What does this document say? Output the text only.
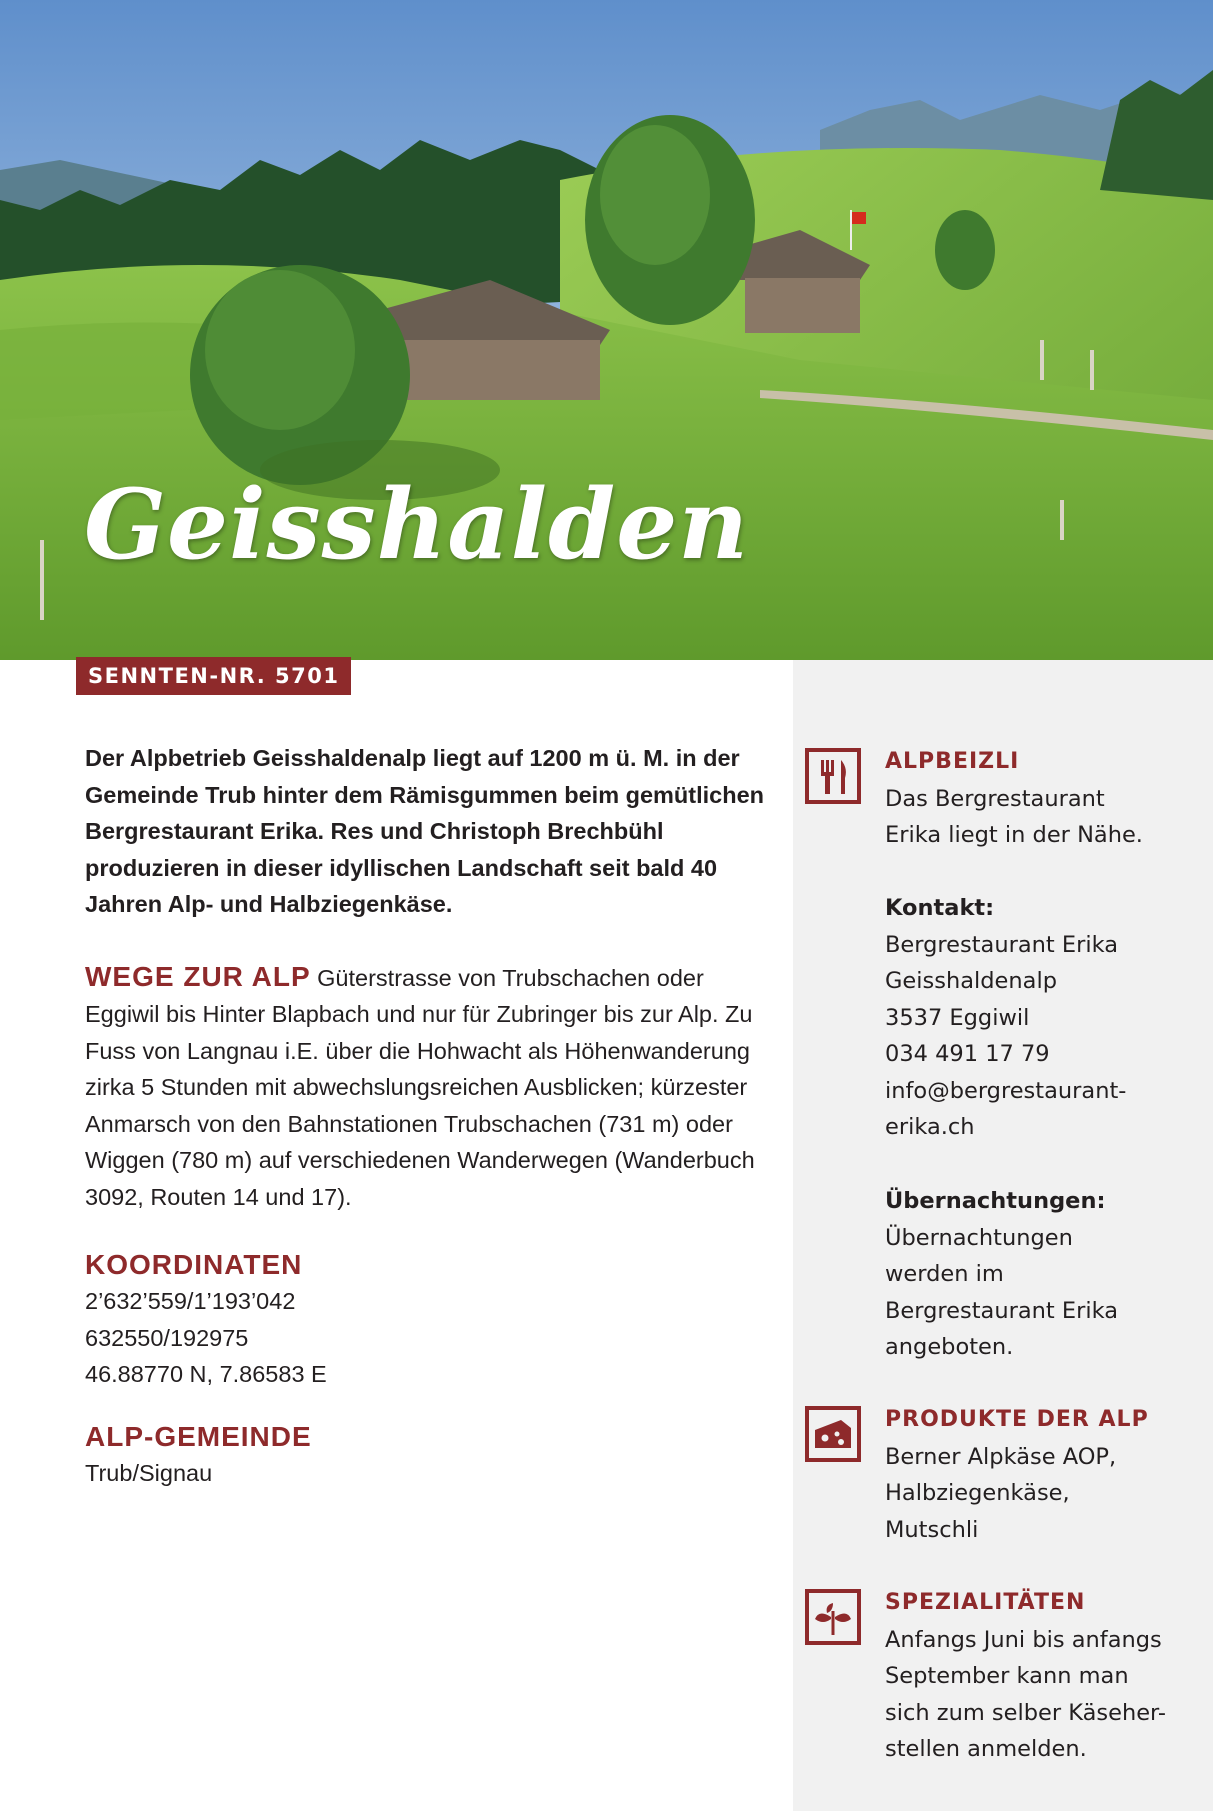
Geisshalden
SENNTEN-NR. 5701

Der Alpbetrieb Geisshaldenalp liegt auf 1200 m ü. M. in der Gemeinde Trub hinter dem Rämisgummen beim gemütlichen Bergrestaurant Erika. Res und Christoph Brechbühl produzieren in dieser idyllischen Landschaft seit bald 40 Jahren Alp- und Halbziegenkäse.

WEGE ZUR ALP Güterstrasse von Trubschachen oder Eggiwil bis Hinter Blapbach und nur für Zubringer bis zur Alp. Zu Fuss von Langnau i.E. über die Hohwacht als Höhenwanderung zirka 5 Stunden mit abwechslungsreichen Ausblicken; kürzester Anmarsch von den Bahnstationen Trubschachen (731 m) oder Wiggen (780 m) auf verschiedenen Wanderwegen (Wanderbuch 3092, Routen 14 und 17).

KOORDINATEN
2’632’559/1’193’042
632550/192975
46.88770 N, 7.86583 E
ALP-GEMEINDE
Trub/Signau
ALPBEIZLI
Das Bergrestaurant
Erika liegt in der Nähe.
Kontakt:
Bergrestaurant Erika
Geisshaldenalp
3537 Eggiwil
034 491 17 79
info@bergrestaurant-
erika.ch
Übernachtungen:
Übernachtungen
werden im
Bergrestaurant Erika
angeboten.
PRODUKTE DER ALP
Berner Alpkäse AOP,
Halbziegenkäse,
Mutschli
SPEZIALITÄTEN
Anfangs Juni bis anfangs
September kann man
sich zum selber Käseher-
stellen anmelden.
